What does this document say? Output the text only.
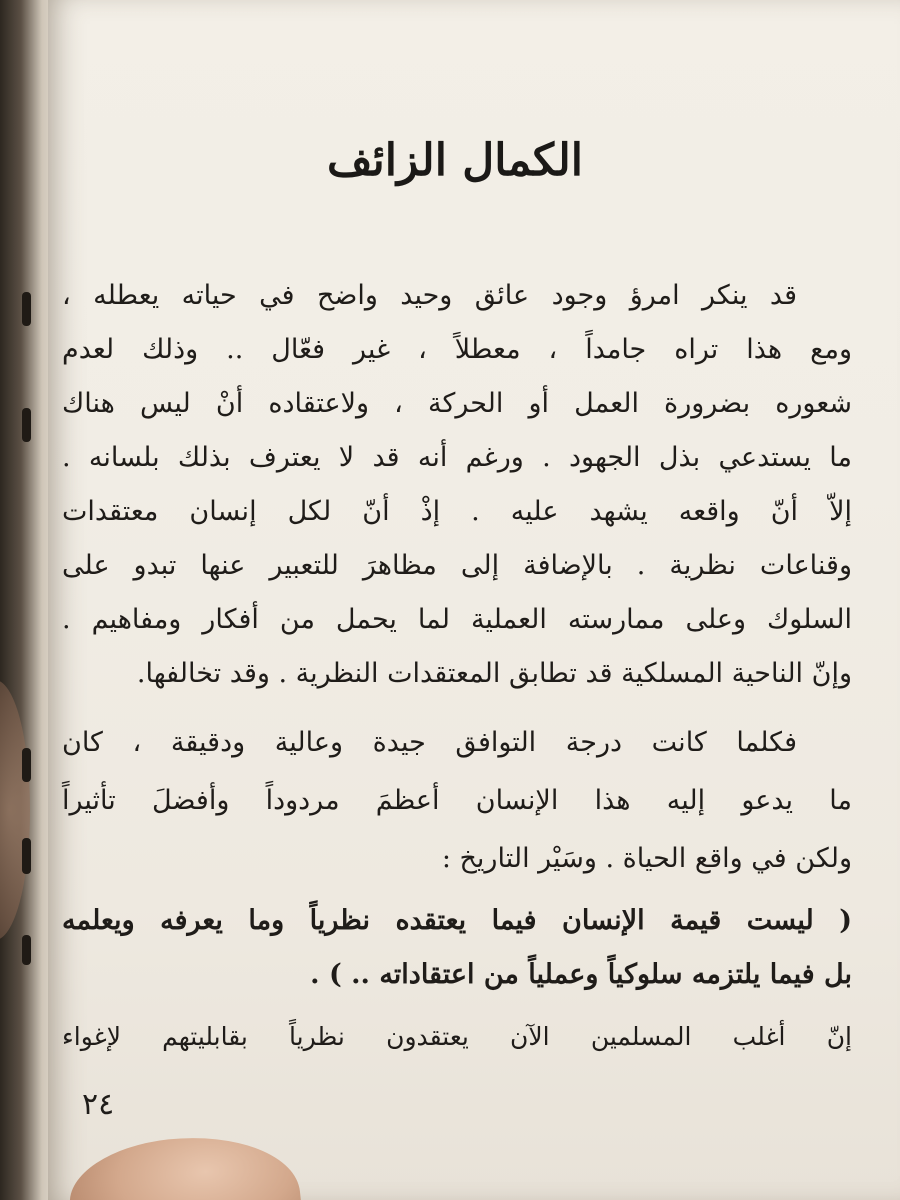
الكمال الزائف
قد ينكر امرؤ وجود عائق وحيد واضح في حياته يعطله ،
ومع هذا تراه جامداً ، معطلاً ، غير فعّال .. وذلك لعدم
شعوره بضرورة العمل أو الحركة ، ولاعتقاده أنْ ليس هناك
ما يستدعي بذل الجهود . ورغم أنه قد لا يعترف بذلك بلسانه .
إلاّ أنّ واقعه يشهد عليه . إذْ أنّ لكل إنسان معتقدات
وقناعات نظرية . بالإضافة إلى مظاهرَ للتعبير عنها تبدو على
السلوك وعلى ممارسته العملية لما يحمل من أفكار ومفاهيم .
وإنّ الناحية المسلكية قد تطابق المعتقدات النظرية . وقد تخالفها.
فكلما كانت درجة التوافق جيدة وعالية ودقيقة ، كان
ما يدعو إليه هذا الإنسان أعظمَ مردوداً وأفضلَ تأثيراً
ولكن في واقع الحياة . وسَيْر التاريخ :
( ليست قيمة الإنسان فيما يعتقده نظرياً وما يعرفه ويعلمه
بل فيما يلتزمه سلوكياً وعملياً من اعتقاداته .. ) .
إنّ أغلب المسلمين الآن يعتقدون نظرياً بقابليتهم لإغواء
٢٤
